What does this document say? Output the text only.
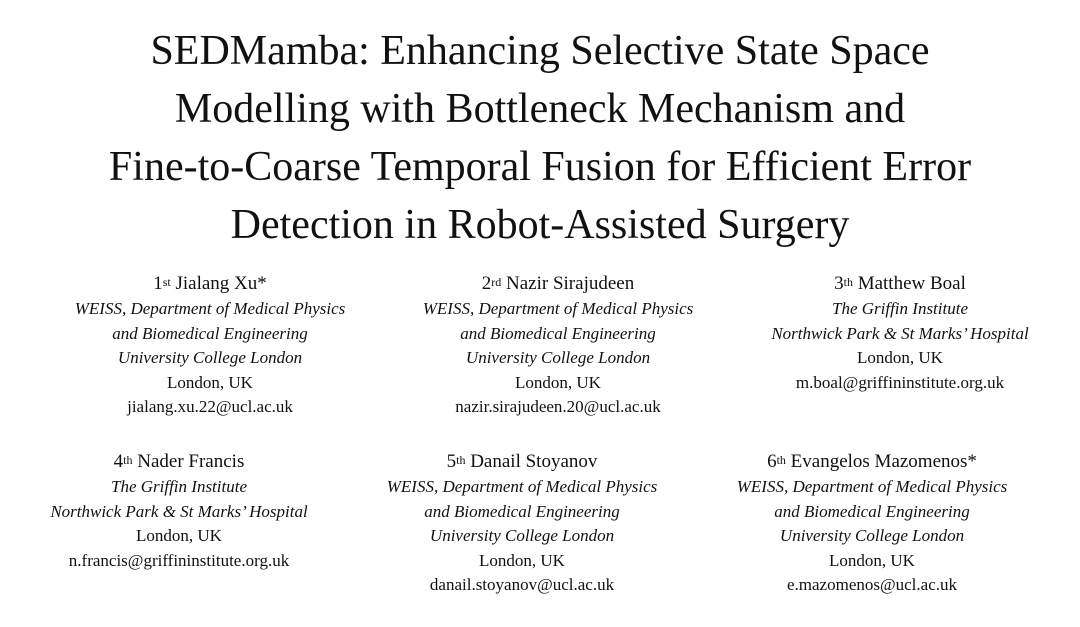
SEDMamba: Enhancing Selective State Space
Modelling with Bottleneck Mechanism and
Fine-to-Coarse Temporal Fusion for Efficient Error
Detection in Robot-Assisted Surgery
1st Jialang Xu*
WEISS, Department of Medical Physics
and Biomedical Engineering
University College London
London, UK
jialang.xu.22@ucl.ac.uk
2rd Nazir Sirajudeen
WEISS, Department of Medical Physics
and Biomedical Engineering
University College London
London, UK
nazir.sirajudeen.20@ucl.ac.uk
3th Matthew Boal
The Griffin Institute
Northwick Park & St Marks’ Hospital
London, UK
m.boal@griffininstitute.org.uk
4th Nader Francis
The Griffin Institute
Northwick Park & St Marks’ Hospital
London, UK
n.francis@griffininstitute.org.uk
5th Danail Stoyanov
WEISS, Department of Medical Physics
and Biomedical Engineering
University College London
London, UK
danail.stoyanov@ucl.ac.uk
6th Evangelos Mazomenos*
WEISS, Department of Medical Physics
and Biomedical Engineering
University College London
London, UK
e.mazomenos@ucl.ac.uk
